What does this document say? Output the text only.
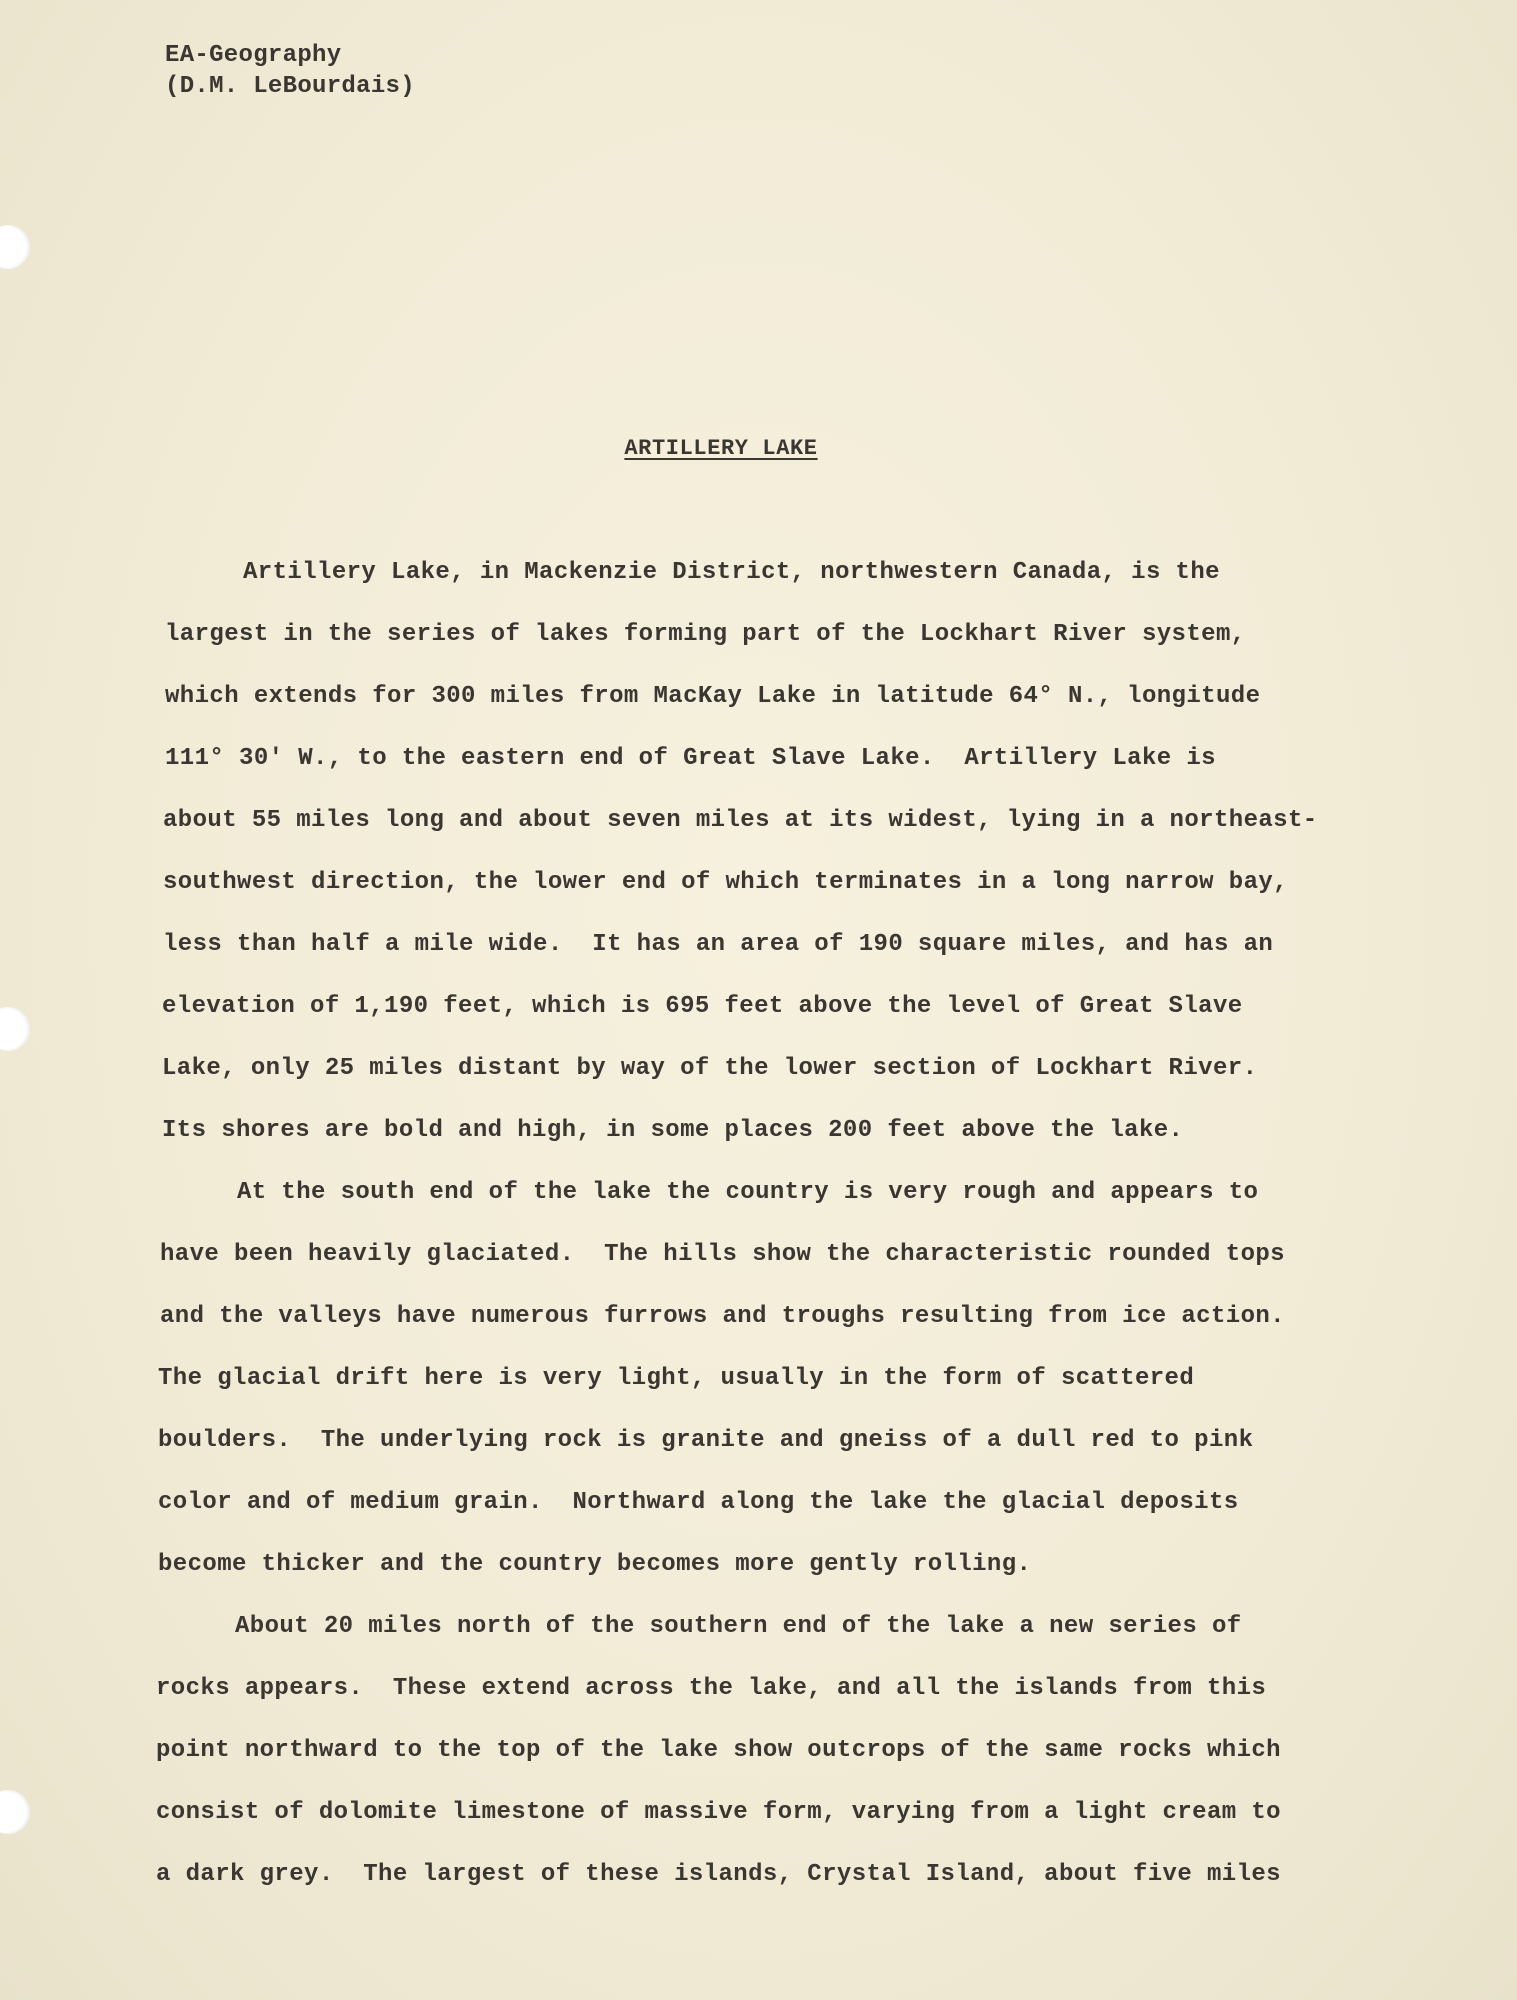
EA-Geography
(D.M. LeBourdais)
ARTILLERY LAKE
Artillery Lake, in Mackenzie District, northwestern Canada, is the
largest in the series of lakes forming part of the Lockhart River system,
which extends for 300 miles from MacKay Lake in latitude 64° N., longitude
111° 30' W., to the eastern end of Great Slave Lake.  Artillery Lake is
about 55 miles long and about seven miles at its widest, lying in a northeast-
southwest direction, the lower end of which terminates in a long narrow bay,
less than half a mile wide.  It has an area of 190 square miles, and has an
elevation of 1,190 feet, which is 695 feet above the level of Great Slave
Lake, only 25 miles distant by way of the lower section of Lockhart River.
Its shores are bold and high, in some places 200 feet above the lake.
At the south end of the lake the country is very rough and appears to
have been heavily glaciated.  The hills show the characteristic rounded tops
and the valleys have numerous furrows and troughs resulting from ice action.
The glacial drift here is very light, usually in the form of scattered
boulders.  The underlying rock is granite and gneiss of a dull red to pink
color and of medium grain.  Northward along the lake the glacial deposits
become thicker and the country becomes more gently rolling.
About 20 miles north of the southern end of the lake a new series of
rocks appears.  These extend across the lake, and all the islands from this
point northward to the top of the lake show outcrops of the same rocks which
consist of dolomite limestone of massive form, varying from a light cream to
a dark grey.  The largest of these islands, Crystal Island, about five miles
